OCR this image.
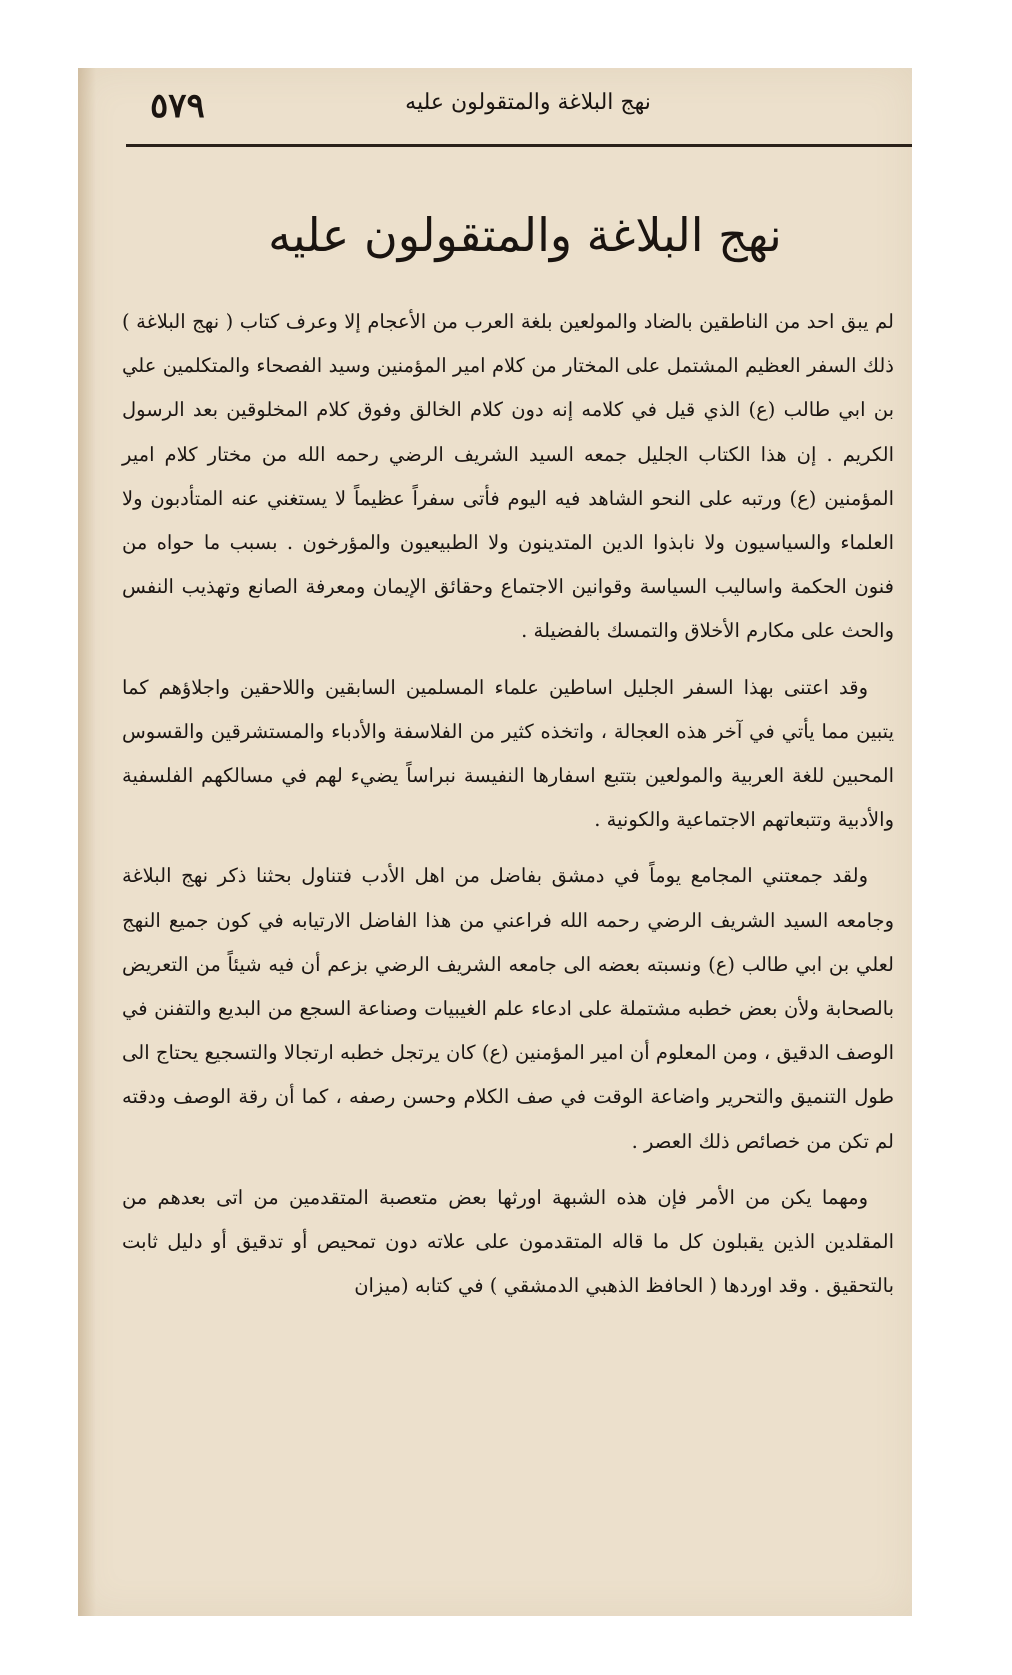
٥٧٩	نهج البلاغة والمتقولون عليه
نهج البلاغة والمتقولون عليه

لم يبق احد من الناطقين بالضاد والمولعين بلغة العرب من الأعجام إلا وعرف كتاب ( نهج البلاغة ) ذلك السفر العظيم المشتمل على المختار من كلام امير المؤمنين وسيد الفصحاء والمتكلمين علي بن ابي طالب (ع) الذي قيل في كلامه إنه دون كلام الخالق وفوق كلام المخلوقين بعد الرسول الكريم . إن هذا الكتاب الجليل جمعه السيد الشريف الرضي رحمه الله من مختار كلام امير المؤمنين (ع) ورتبه على النحو الشاهد فيه اليوم فأتى سفراً عظيماً لا يستغني عنه المتأدبون ولا العلماء والسياسيون ولا نابذوا الدين المتدينون ولا الطبيعيون والمؤرخون . بسبب ما حواه من فنون الحكمة واساليب السياسة وقوانين الاجتماع وحقائق الإيمان ومعرفة الصانع وتهذيب النفس والحث على مكارم الأخلاق والتمسك بالفضيلة .

وقد اعتنى بهذا السفر الجليل اساطين علماء المسلمين السابقين واللاحقين واجلاؤهم كما يتبين مما يأتي في آخر هذه العجالة ، واتخذه كثير من الفلاسفة والأدباء والمستشرقين والقسوس المحبين للغة العربية والمولعين بتتبع اسفارها النفيسة نبراساً يضيء لهم في مسالكهم الفلسفية والأدبية وتتبعاتهم الاجتماعية والكونية .

ولقد جمعتني المجامع يوماً في دمشق بفاضل من اهل الأدب فتناول بحثنا ذكر نهج البلاغة وجامعه السيد الشريف الرضي رحمه الله فراعني من هذا الفاضل الارتيابه في كون جميع النهج لعلي بن ابي طالب (ع) ونسبته بعضه الى جامعه الشريف الرضي بزعم أن فيه شيئاً من التعريض بالصحابة ولأن بعض خطبه مشتملة على ادعاء علم الغيبيات وصناعة السجع من البديع والتفنن في الوصف الدقيق ، ومن المعلوم أن امير المؤمنين (ع) كان يرتجل خطبه ارتجالا والتسجيع يحتاج الى طول التنميق والتحرير واضاعة الوقت في صف الكلام وحسن رصفه ، كما أن رقة الوصف ودقته لم تكن من خصائص ذلك العصر .

ومهما يكن من الأمر فإن هذه الشبهة اورثها بعض متعصبة المتقدمين من اتى بعدهم من المقلدين الذين يقبلون كل ما قاله المتقدمون على علاته دون تمحيص أو تدقيق أو دليل ثابت بالتحقيق . وقد اوردها ( الحافظ الذهبي الدمشقي ) في كتابه (ميزان
